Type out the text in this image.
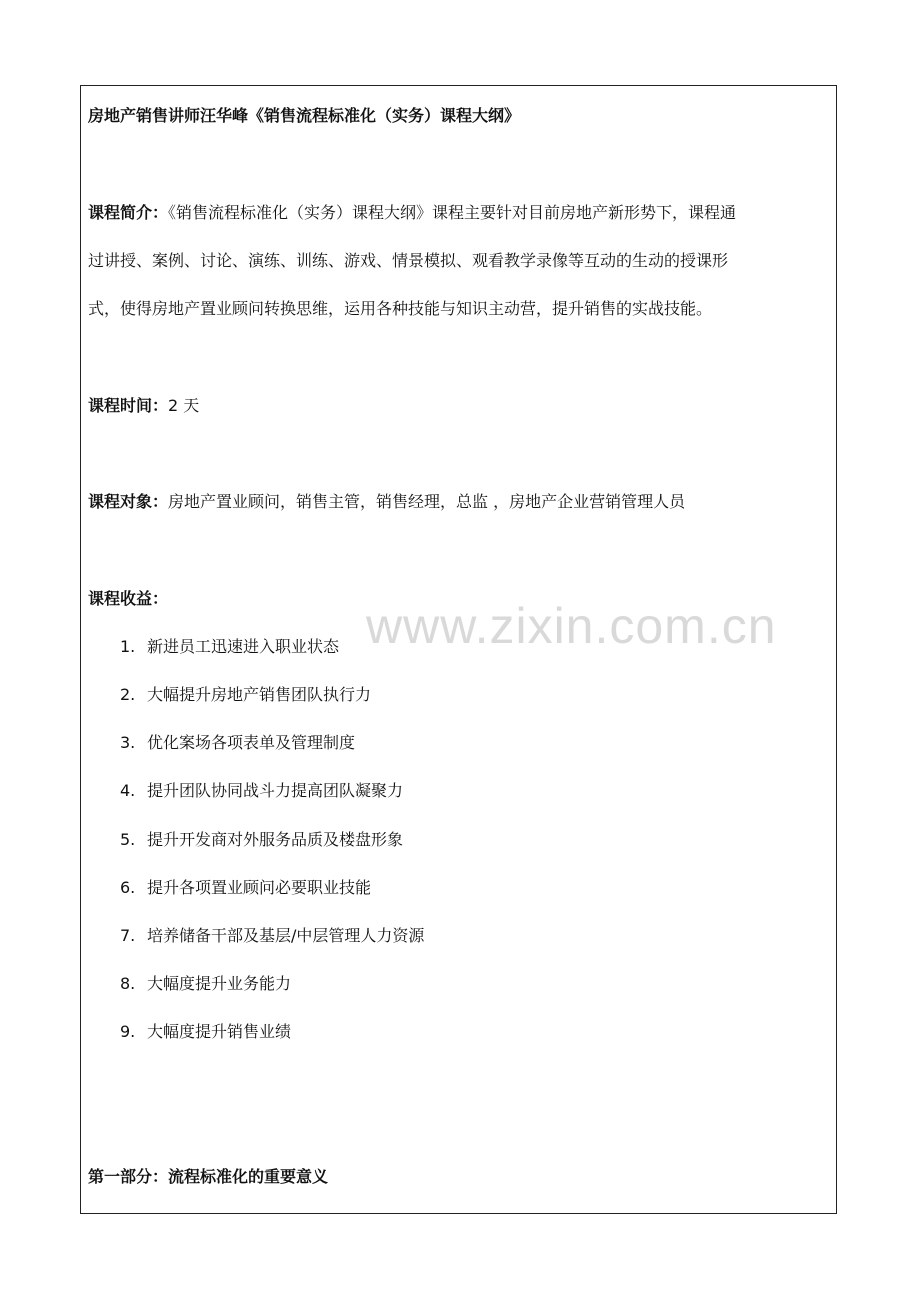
房地产销售讲师汪华峰《销售流程标准化（实务）课程大纲》
课程简介：《销售流程标准化（实务）课程大纲》课程主要针对目前房地产新形势下，课程通
过讲授、案例、讨论、演练、训练、游戏、情景模拟、观看教学录像等互动的生动的授课形
式，使得房地产置业顾问转换思维，运用各种技能与知识主动营，提升销售的实战技能。
课程时间：2 天
课程对象：房地产置业顾问，销售主管，销售经理，总监 ，房地产企业营销管理人员
课程收益：
1. 新进员工迅速进入职业状态
2. 大幅提升房地产销售团队执行力
3. 优化案场各项表单及管理制度
4. 提升团队协同战斗力提高团队凝聚力
5. 提升开发商对外服务品质及楼盘形象
6. 提升各项置业顾问必要职业技能
7. 培养储备干部及基层/中层管理人力资源
8. 大幅度提升业务能力
9. 大幅度提升销售业绩
第一部分：流程标准化的重要意义
www.zixin.com.cn
